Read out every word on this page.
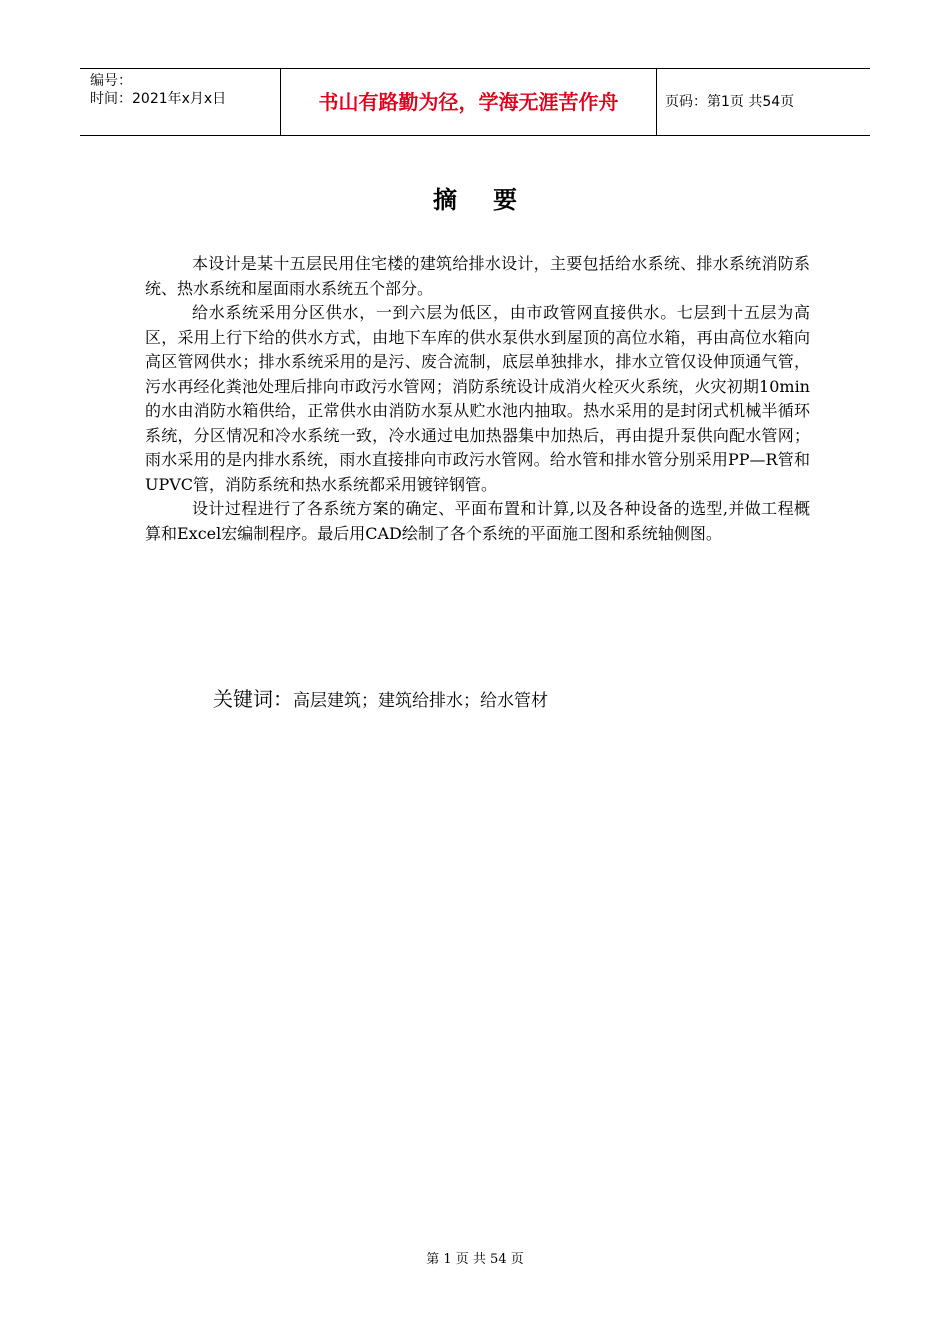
编号：
时间：2021年x月x日	书山有路勤为径，学海无涯苦作舟	页码：第1页 共54页
摘要

本设计是某十五层民用住宅楼的建筑给排水设计，主要包括给水系统、排水系统消防系统、热水系统和屋面雨水系统五个部分。

给水系统采用分区供水，一到六层为低区，由市政管网直接供水。七层到十五层为高区，采用上行下给的供水方式，由地下车库的供水泵供水到屋顶的高位水箱，再由高位水箱向高区管网供水；排水系统采用的是污、废合流制，底层单独排水，排水立管仅设伸顶通气管，污水再经化粪池处理后排向市政污水管网；消防系统设计成消火栓灭火系统，火灾初期10min的水由消防水箱供给，正常供水由消防水泵从贮水池内抽取。热水采用的是封闭式机械半循环系统，分区情况和冷水系统一致，冷水通过电加热器集中加热后，再由提升泵供向配水管网；雨水采用的是内排水系统，雨水直接排向市政污水管网。给水管和排水管分别采用PP—R管和UPVC管，消防系统和热水系统都采用镀锌钢管。

设计过程进行了各系统方案的确定、平面布置和计算,以及各种设备的选型,并做工程概算和Excel宏编制程序。最后用CAD绘制了各个系统的平面施工图和系统轴侧图。

关键词：高层建筑；建筑给排水；给水管材
第 1 页 共 54 页
